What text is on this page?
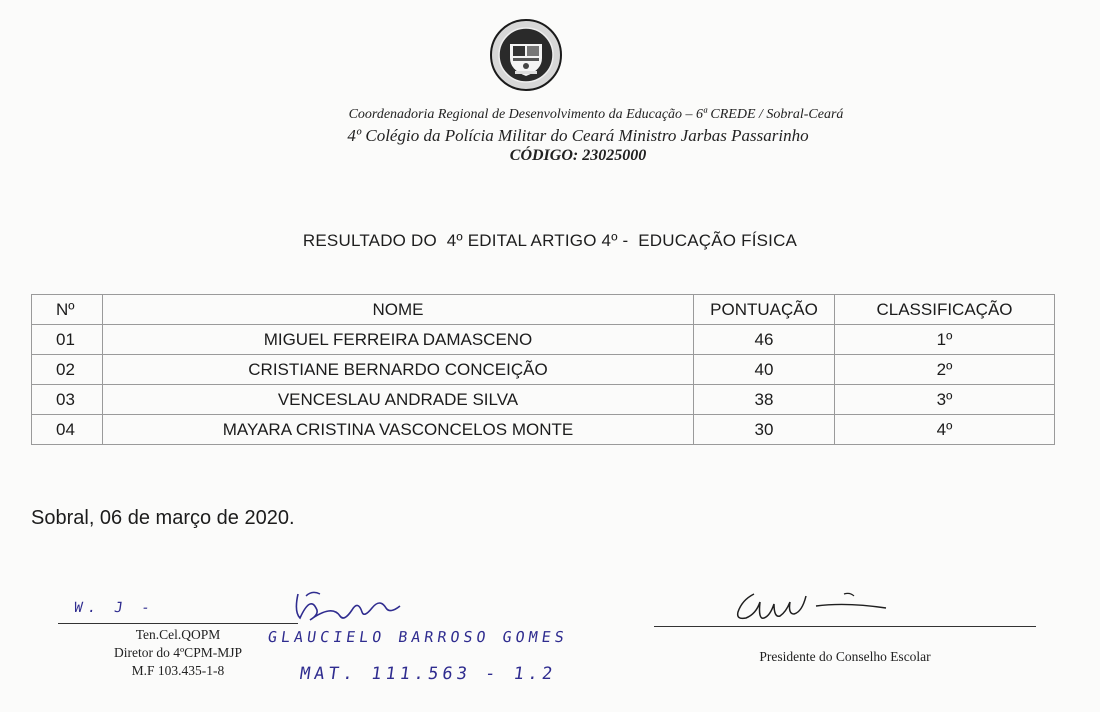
Coordenadoria Regional de Desenvolvimento da Educação – 6ª CREDE / Sobral-Ceará
4º Colégio da Polícia Militar do Ceará Ministro Jarbas Passarinho
CÓDIGO: 23025000
RESULTADO DO  4º EDITAL ARTIGO 4º -  EDUCAÇÃO FÍSICA
Nº	NOME	PONTUAÇÃO	CLASSIFICAÇÃO
01	MIGUEL FERREIRA DAMASCENO	46	1º
02	CRISTIANE BERNARDO CONCEIÇÃO	40	2º
03	VENCESLAU ANDRADE SILVA	38	3º
04	MAYARA CRISTINA VASCONCELOS MONTE	30	4º
Sobral, 06 de março de 2020.
W. J -
Ten.Cel.QOPM
Diretor do 4ºCPM-MJP
M.F 103.435-1-8
GLAUCIELO BARROSO GOMES
MAT. 111.563 - 1.2
Presidente do Conselho Escolar
